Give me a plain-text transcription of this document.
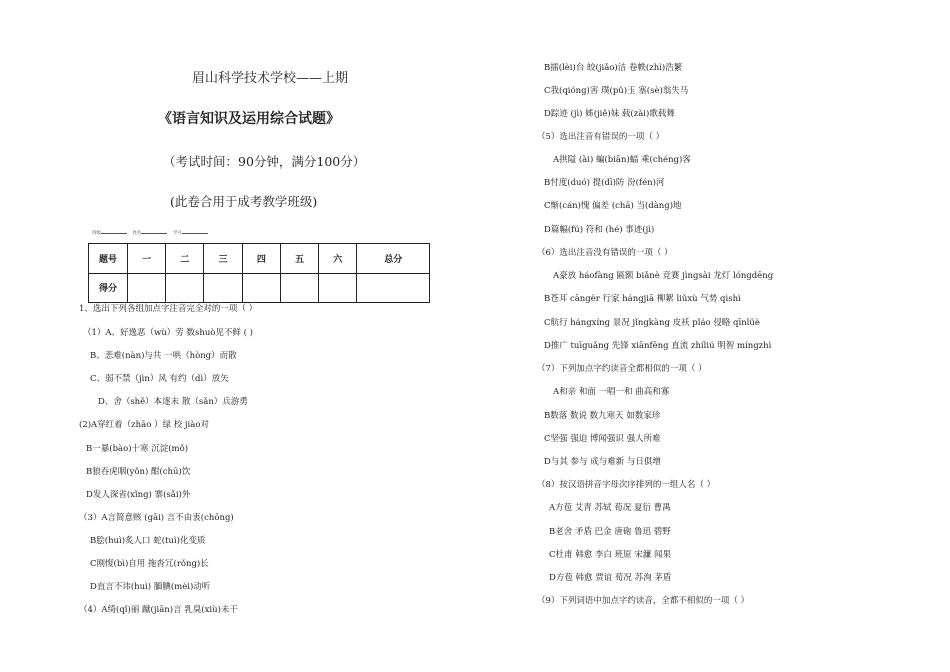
眉山科学技术学校——上期
《语言知识及运用综合试题》
（考试时间：90分钟，满分100分）
(此卷合用于成考教学班级)
班级	姓名	学号
题号	一	二	三	四	五	六	总分
得分							
1、选出下列各组加点字注音完全对的一项（ ）
（1）A、好逸恶（wù）劳 数shuò见不鲜 ( )
B、悲难(nàn)与共 一哄（hòng）而散
C、弱不禁（jìn）风 有约（dì）放矢
D、舍（shě）本逐末 散（sǎn）兵游勇
(2)A穿红着（zhāo ）绿 校 jiào对
B一暴(bào)十寒 沉淀(mǒ)
B狼吞虎咽(yǒn) 酣(chū)饮
D发人深省(xǐng) 寨(sǎi)外
（3）A言简意赅 (gāi) 言不由衷(chōng)
B脍(huì)炙人口 蛇(tuì)化变质
C刚愎(bì)自用 拖沓冗(rǒng)长
D直言不讳(huì) 腼腆(mèi)动听
（4）A绮(qǐ)丽 蹴(jiān)言 乳臭(xiù)未干
B擂(lèi)台 皎(jiǎo)洁 卷帙(zhì)浩繁
C我(qióng)害 璞(pǔ)玉 塞(sè)翁失马
D踪迹 (jì) 姊(jiě)妹 载(zài)歌载舞
（5）选出注音有错误的一项（ ）
A拱隘 (ài) 蝙(biān)蝠 乘(chéng)客
B忖度(duó) 提(dī)防 汾(fén)河
C惭(cán)愧 偏差 (chā) 当(dàng)地
D篇幅(fú) 符和 (hé) 事迹(jì)
（6）选出注音没有错误的一项（ ）
A豪放 háofàng 匾额 biǎnè 竞赛 jìngsài 龙灯 lóngdēng
B苍耳 cāngèr 行家 hángjiā 柳絮 liǔxù 气势 qìshì
C航行 hángxíng 景况 jǐngkàng 皮袄 pǐáo 侵略 qīnlüè
D推广 tuīguǎng 先锋 xiānfēng 直流 zhíliú 明智 míngzhì
（7）下列加点字约读音全都相似的一项（ ）
A和亲 和面 一唱一和 曲高和寡
B数落 数说 数九寒天 如数家珍
C坚强 强迫 博闻强识 强人所难
D与其 参与 成与难新 与日俱增
（8）按汉语拼音字母次序排列的一组人名（ ）
A方苞 艾青 苏轼 荀况 夏衍 曹禺
B老舍 矛盾 巴金 唐砲 鲁迅 碧野
C杜甫 韩愈 李白 班原 宋濂 闻果
D方苞 韩愈 贾谊 荀况 苏洵 茅盾
（9）下列词语中加点字约读音，全都不相似的一项（ ）
